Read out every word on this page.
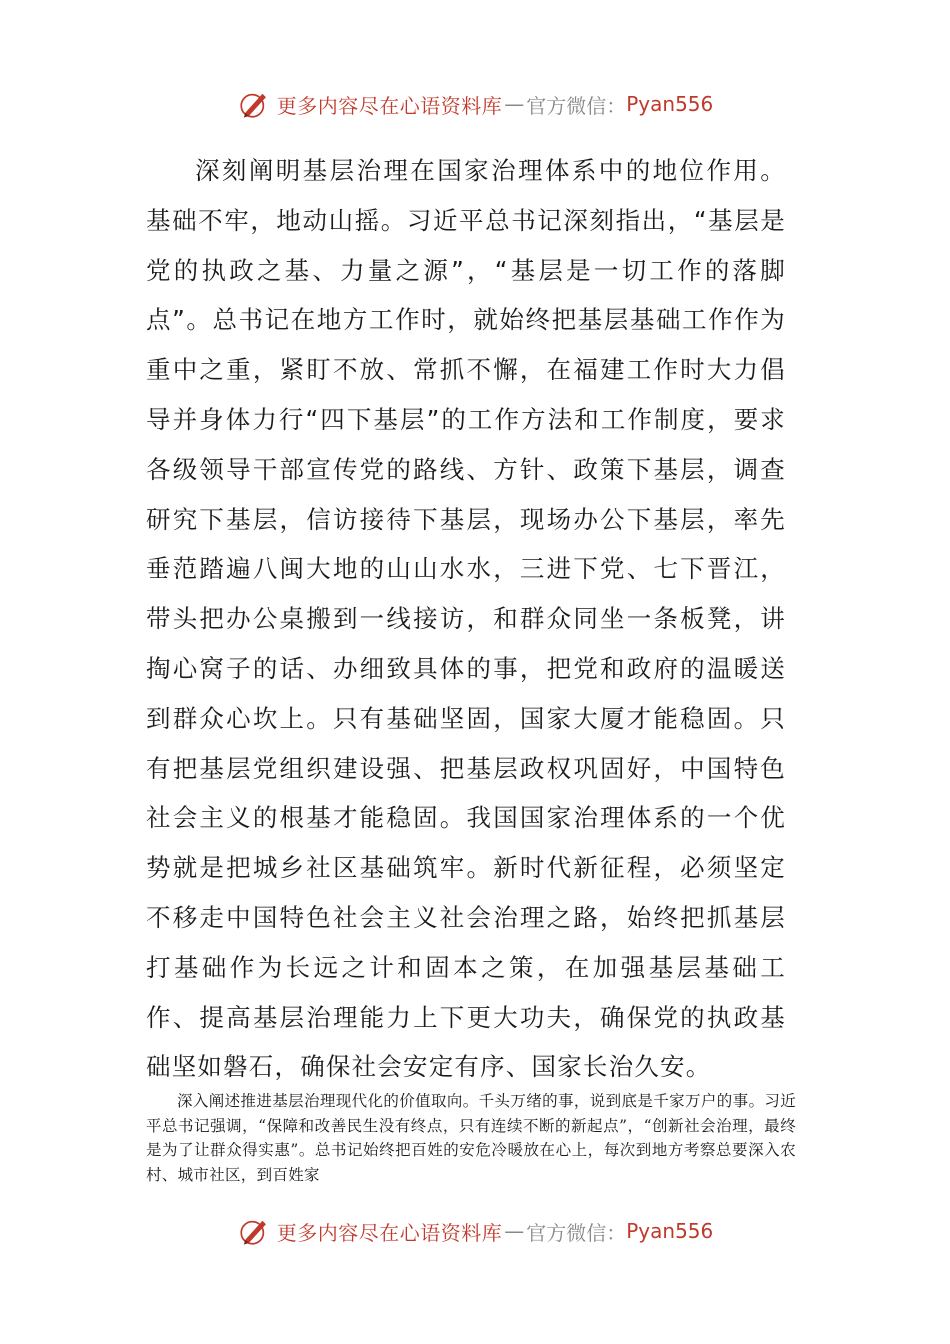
更多内容尽在心语资料库 — 官方微信： Pyan556

深刻阐明基层治理在国家治理体系中的地位作用。基础不牢，地动山摇。习近平总书记深刻指出，“基层是党的执政之基、力量之源”，“基层是一切工作的落脚点”。总书记在地方工作时，就始终把基层基础工作作为重中之重，紧盯不放、常抓不懈，在福建工作时大力倡导并身体力行“四下基层”的工作方法和工作制度，要求各级领导干部宣传党的路线、方针、政策下基层，调查研究下基层，信访接待下基层，现场办公下基层，率先垂范踏遍八闽大地的山山水水，三进下党、七下晋江，带头把办公桌搬到一线接访，和群众同坐一条板凳，讲掏心窝子的话、办细致具体的事，把党和政府的温暖送到群众心坎上。只有基础坚固，国家大厦才能稳固。只有把基层党组织建设强、把基层政权巩固好，中国特色社会主义的根基才能稳固。我国国家治理体系的一个优势就是把城乡社区基础筑牢。新时代新征程，必须坚定不移走中国特色社会主义社会治理之路，始终把抓基层打基础作为长远之计和固本之策，在加强基层基础工作、提高基层治理能力上下更大功夫，确保党的执政基础坚如磐石，确保社会安定有序、国家长治久安。

深入阐述推进基层治理现代化的价值取向。千头万绪的事，说到底是千家万户的事。习近平总书记强调，“保障和改善民生没有终点，只有连续不断的新起点”，“创新社会治理，最终是为了让群众得实惠”。总书记始终把百姓的安危冷暖放在心上，每次到地方考察总要深入农村、城市社区，到百姓家

更多内容尽在心语资料库 — 官方微信： Pyan556
